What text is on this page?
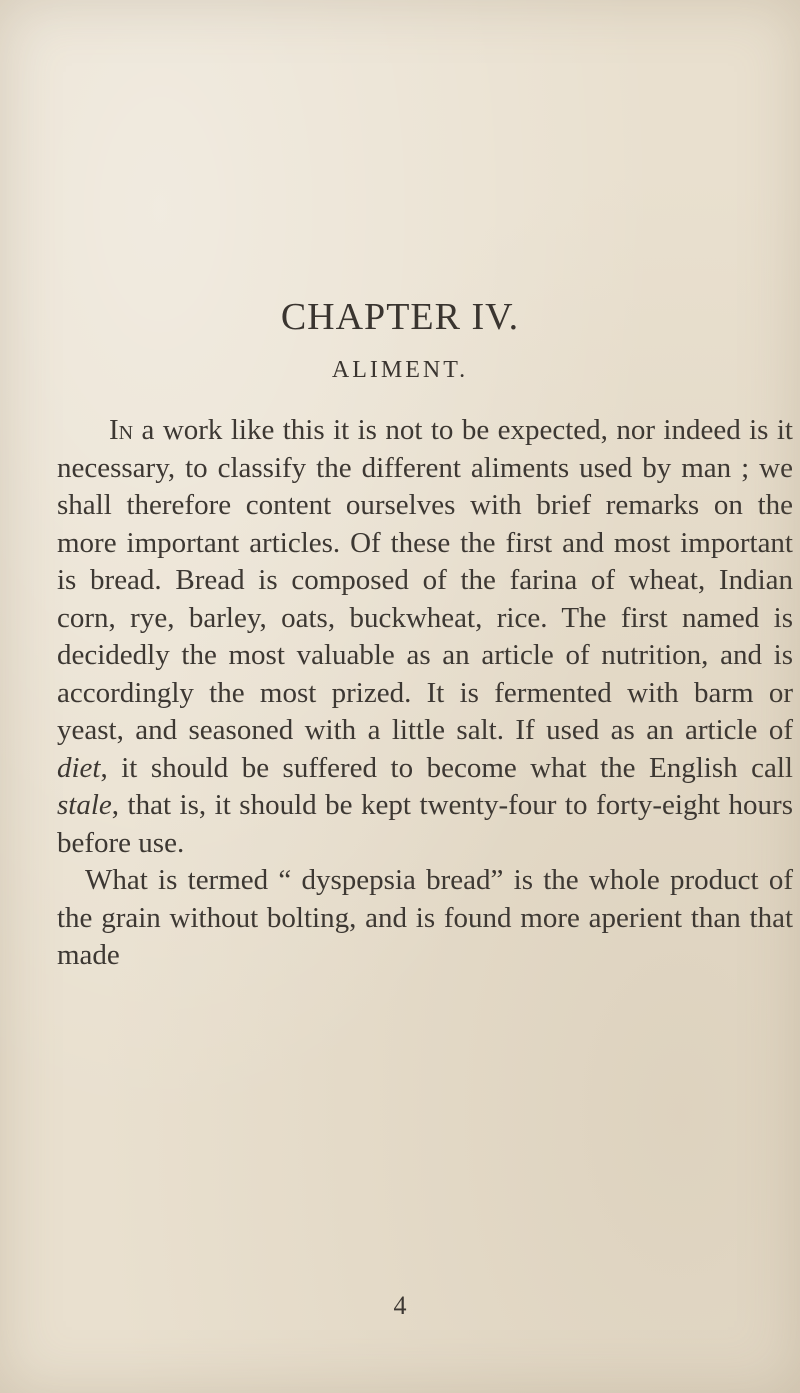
CHAPTER IV.
ALIMENT.

In a work like this it is not to be expected, nor indeed is it necessary, to classify the different aliments used by man ; we shall therefore content ourselves with brief remarks on the more important articles. Of these the first and most important is bread. Bread is composed of the farina of wheat, Indian corn, rye, barley, oats, buckwheat, rice. The first named is decidedly the most valuable as an article of nutrition, and is accordingly the most prized. It is fermented with barm or yeast, and seasoned with a little salt. If used as an article of diet, it should be suffered to become what the English call stale, that is, it should be kept twenty-four to forty-eight hours before use.

What is termed “ dyspepsia bread” is the whole product of the grain without bolting, and is found more aperient than that made

4
